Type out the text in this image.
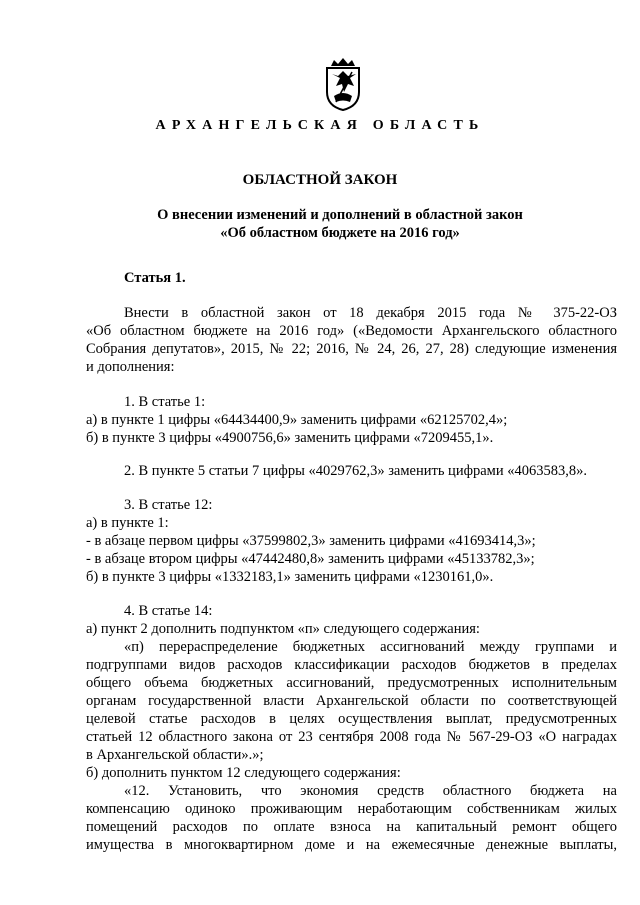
АРХАНГЕЛЬСКАЯ ОБЛАСТЬ
ОБЛАСТНОЙ ЗАКОН
О внесении изменений и дополнений в областной закон
«Об областном бюджете на 2016 год»
Статья 1.
Внести в областной закон от 18 декабря 2015 года № 375-22-ОЗ
«Об областном бюджете на 2016 год» («Ведомости Архангельского областного
Собрания депутатов», 2015, № 22; 2016, № 24, 26, 27, 28) следующие изменения
и дополнения:
1. В статье 1:
а) в пункте 1 цифры «64434400,9» заменить цифрами «62125702,4»;
б) в пункте 3 цифры «4900756,6» заменить цифрами «7209455,1».
2. В пункте 5 статьи 7 цифры «4029762,3» заменить цифрами «4063583,8».
3. В статье 12:
а) в пункте 1:
- в абзаце первом цифры «37599802,3» заменить цифрами «41693414,3»;
- в абзаце втором цифры «47442480,8» заменить цифрами «45133782,3»;
б) в пункте 3 цифры «1332183,1» заменить цифрами «1230161,0».
4. В статье 14:
а) пункт 2 дополнить подпунктом «п» следующего содержания:
«п) перераспределение бюджетных ассигнований между группами и
подгруппами видов расходов классификации расходов бюджетов в пределах
общего объема бюджетных ассигнований, предусмотренных исполнительным
органам государственной власти Архангельской области по соответствующей
целевой статье расходов в целях осуществления выплат, предусмотренных
статьей 12 областного закона от 23 сентября 2008 года № 567-29-ОЗ «О наградах
в Архангельской области».»;
б) дополнить пунктом 12 следующего содержания:
«12. Установить, что экономия средств областного бюджета на
компенсацию одиноко проживающим неработающим собственникам жилых
помещений расходов по оплате взноса на капитальный ремонт общего
имущества в многоквартирном доме и на ежемесячные денежные выплаты,
